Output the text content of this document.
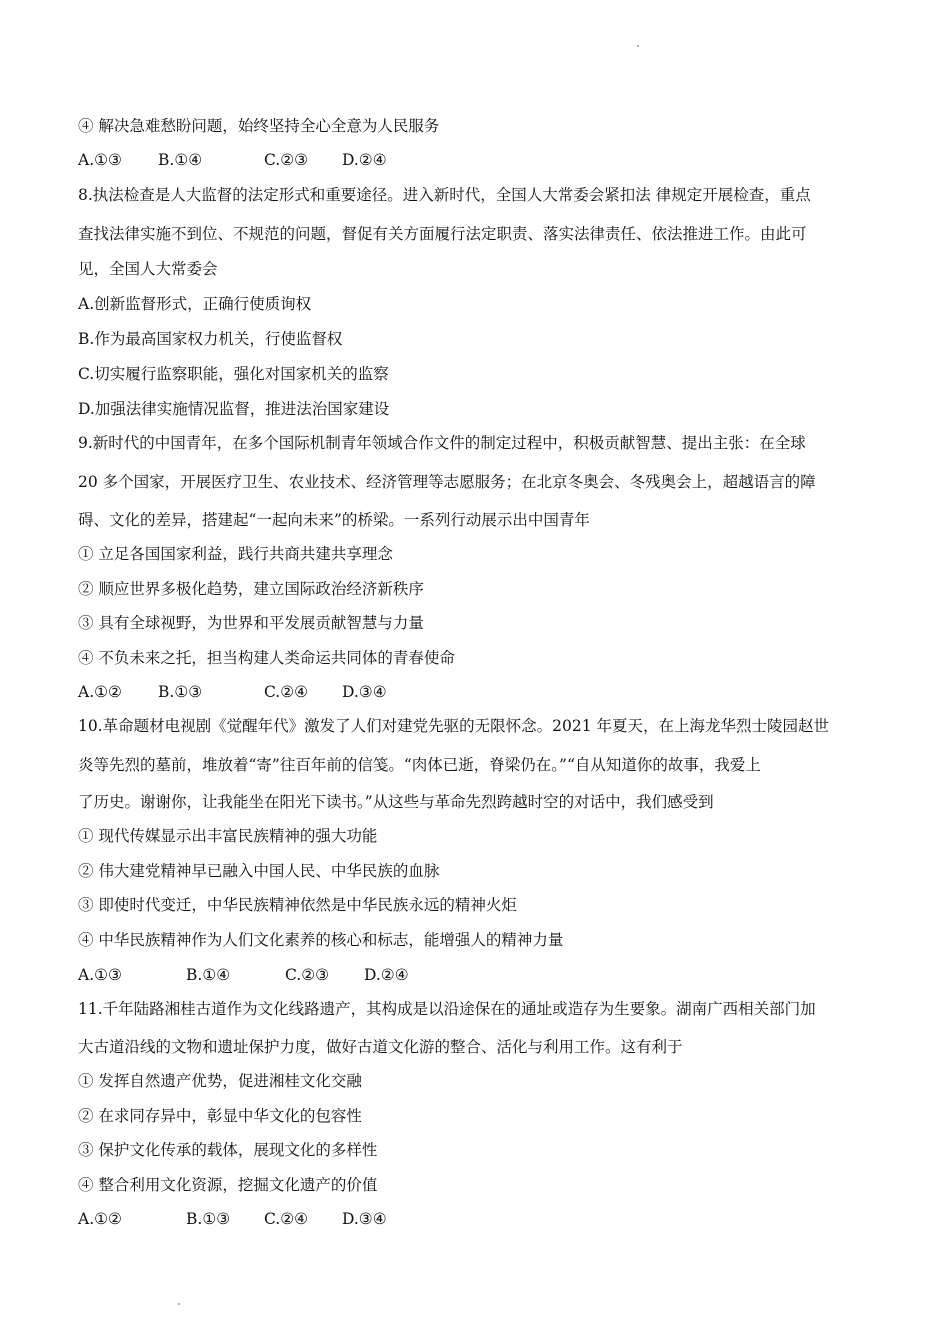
④ 解决急难愁盼问题，始终坚持全心全意为人民服务
A.①③ B.①④	C.②③ D.②④
8.执法检查是人大监督的法定形式和重要途径。进入新时代，全国人大常委会紧扣法 律规定开展检查，重点
查找法律实施不到位、不规范的问题，督促有关方面履行法定职责、落实法律责任、依法推进工作。由此可
见，全国人大常委会
A.创新监督形式，正确行使质询权
B.作为最高国家权力机关，行使监督权
C.切实履行监察职能，强化对国家机关的监察
D.加强法律实施情况监督，推进法治国家建设
9.新时代的中国青年，在多个国际机制青年领域合作文件的制定过程中，积极贡献智慧、提出主张：在全球
20 多个国家，开展医疗卫生、农业技术、经济管理等志愿服务；在北京冬奥会、冬残奥会上，超越语言的障
碍、文化的差异，搭建起“一起向未来”的桥梁。一系列行动展示出中国青年
① 立足各国国家利益，践行共商共建共享理念
② 顺应世界多极化趋势，建立国际政治经济新秩序
③ 具有全球视野，为世界和平发展贡献智慧与力量
④ 不负未来之托，担当构建人类命运共同体的青春使命
A.①② B.①③	C.②④ D.③④
10.革命题材电视剧《觉醒年代》激发了人们对建党先驱的无限怀念。2021 年夏天，在上海龙华烈士陵园赵世
炎等先烈的墓前，堆放着“寄”往百年前的信笺。“肉体已逝，脊梁仍在。”“自从知道你的故事，我爱上
了历史。谢谢你，让我能坐在阳光下读书。”从这些与革命先烈跨越时空的对话中，我们感受到
① 现代传媒显示出丰富民族精神的强大功能
② 伟大建党精神早已融入中国人民、中华民族的血脉
③ 即使时代变迁，中华民族精神依然是中华民族永远的精神火炬
④ 中华民族精神作为人们文化素养的核心和标志，能增强人的精神力量
A.①③	B.①④	C.②③ D.②④
11.千年陆路湘桂古道作为文化线路遗产，其构成是以沿途保在的通址或造存为生要象。湖南广西相关部门加
大古道沿线的文物和遗址保护力度，做好古道文化游的整合、活化与利用工作。这有利于
① 发挥自然遗产优势，促进湘桂文化交融
② 在求同存异中，彰显中华文化的包容性
③ 保护文化传承的载体，展现文化的多样性
④ 整合利用文化资源，挖掘文化遗产的价值
A.①②	B.①③ C.②④ D.③④
